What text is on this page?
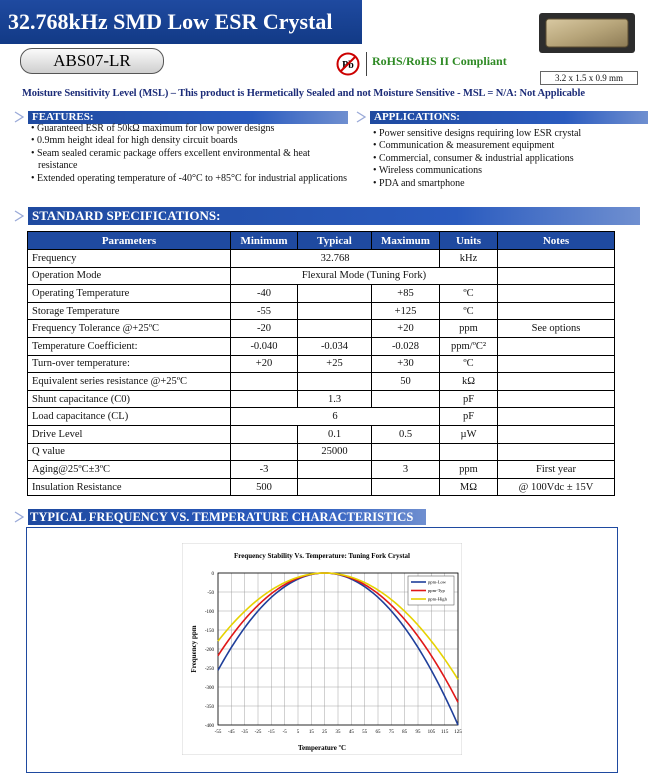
32.768kHz SMD Low ESR Crystal
ABS07-LR	Pb RoHS/RoHS II Compliant
3.2 x 1.5 x 0.9 mm
Moisture Sensitivity Level (MSL) – This product is Hermetically Sealed and not Moisture Sensitive - MSL = N/A: Not Applicable
FEATURES:
• Guaranteed ESR of 50kΩ maximum for low power designs
• 0.9mm height ideal for high density circuit boards
• Seam sealed ceramic package offers excellent environmental & heat resistance
• Extended operating temperature of -40°C to +85°C for industrial applications
APPLICATIONS:
• Power sensitive designs requiring low ESR crystal
• Communication & measurement equipment
• Commercial, consumer & industrial applications
• Wireless communications
• PDA and smartphone
STANDARD SPECIFICATIONS:
Parameters	Minimum	Typical	Maximum	Units	Notes
Frequency	32.768			kHz	
Operation Mode	Flexural Mode (Tuning Fork)				
Operating Temperature	-40		+85	ºC	
Storage Temperature	-55		+125	ºC	
Frequency Tolerance @+25ºC	-20		+20	ppm	See options
Temperature Coefficient:	-0.040	-0.034	-0.028	ppm/ºC²	
Turn-over temperature:	+20	+25	+30	ºC	
Equivalent series resistance @+25ºC			50	kΩ	
Shunt capacitance (C0)		1.3		pF	
Load capacitance (CL)	6			pF	
Drive Level		0.1	0.5	µW	
Q value		25000			
Aging@25ºC±3ºC	-3		3	ppm	First year
Insulation Resistance	500			MΩ	@ 100Vdc ± 15V
TYPICAL FREQUENCY VS. TEMPERATURE CHARACTERISTICS
Frequency Stability Vs. Temperature: Tuning Fork Crystal
Temperature ºC
Frequency ppm
-55 -45 -35 -25 -15 -5 5 15 25 35 45 55 65 75 85 95 105 115 125
0
-50
-100
-150
-200
-250
-300
-350
-400
ppm-Low
ppm-Typ
ppm-High
